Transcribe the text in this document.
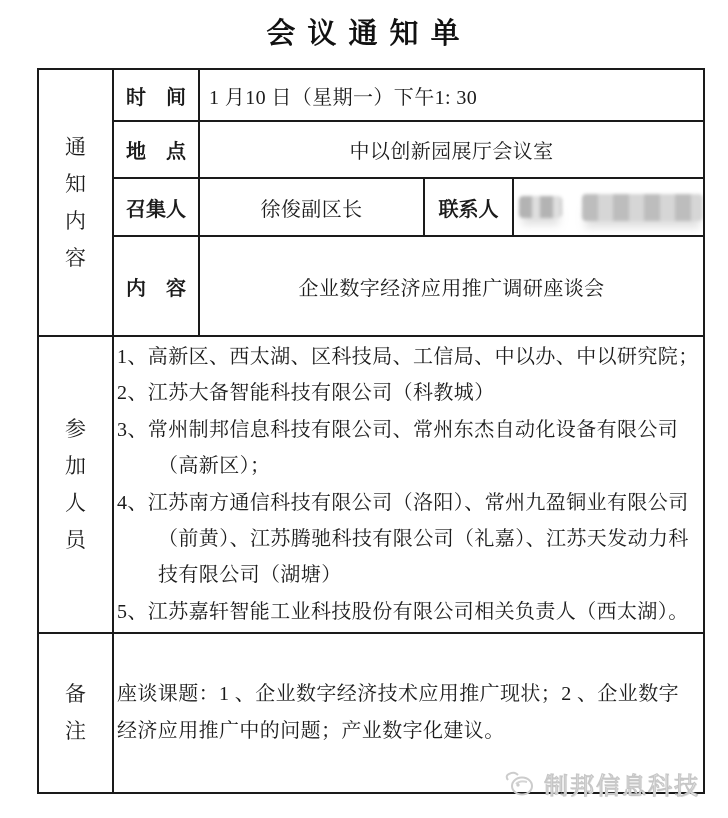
会 议 通 知 单
通知内容	时　间	1 月10 日（星期一）下午1: 30		
	地　点	中以创新园展厅会议室		
	召集人	徐俊副区长	联系人	

	内　容	企业数字经济应用推广调研座谈会		
参加人员	1、高新区、西太湖、区科技局、工信局、中以办、中以研究院；

2、江苏大备智能科技有限公司（科教城）

3、常州制邦信息科技有限公司、常州东杰自动化设备有限公司（高新区）；

4、江苏南方通信科技有限公司（洛阳）、常州九盈铜业有限公司（前黄）、江苏腾驰科技有限公司（礼嘉）、江苏天发动力科技有限公司（湖塘）

5、江苏嘉轩智能工业科技股份有限公司相关负责人（西太湖）。			

备注	座谈课题：1 、企业数字经济技术应用推广现状；2 、企业数字经济应用推广中的问题；产业数字化建议。			
制邦信息科技
